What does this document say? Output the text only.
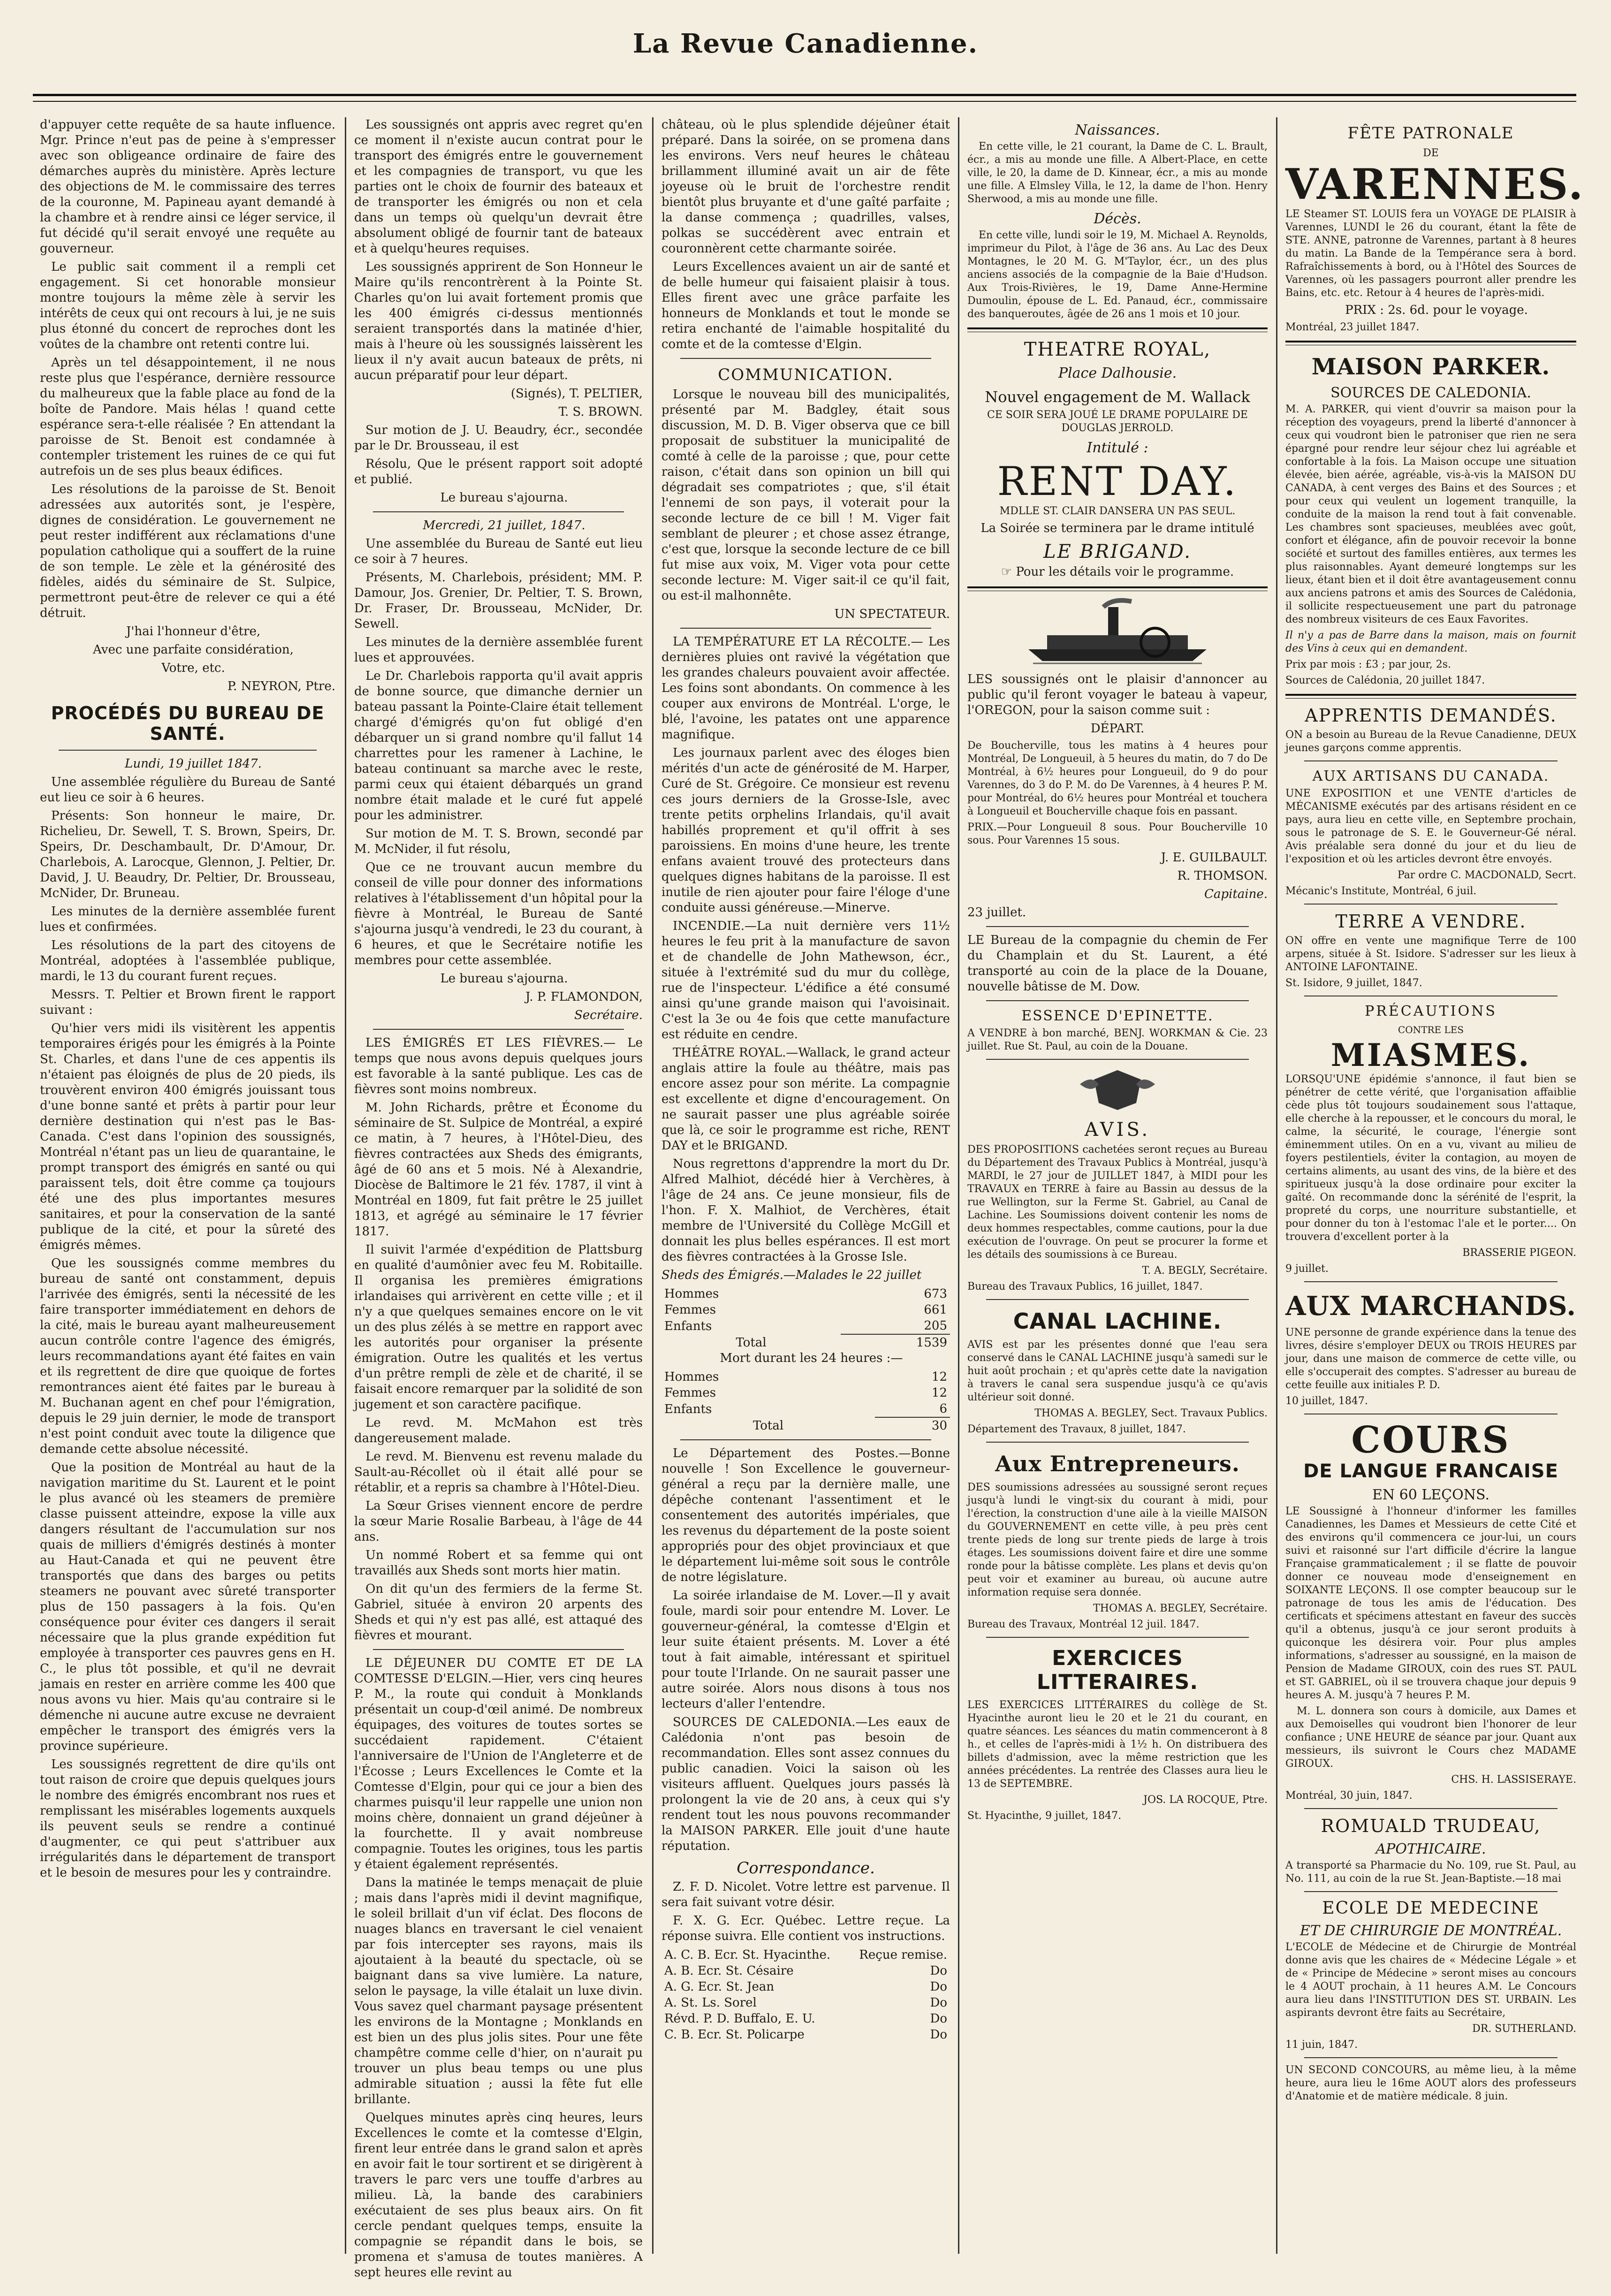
La Revue Canadienne.

d'appuyer cette requête de sa haute influence. Mgr. Prince n'eut pas de peine à s'empresser avec son obligeance ordinaire de faire des démarches auprès du ministère. Après lecture des objections de M. le commissaire des terres de la couronne, M. Papineau ayant demandé à la chambre et à rendre ainsi ce léger service, il fut décidé qu'il serait envoyé une requête au gouverneur.

Le public sait comment il a rempli cet engagement. Si cet honorable monsieur montre toujours la même zèle à servir les intérêts de ceux qui ont recours à lui, je ne suis plus étonné du concert de reproches dont les voûtes de la chambre ont retenti contre lui.

Après un tel désappointement, il ne nous reste plus que l'espérance, dernière ressource du malheureux que la fable place au fond de la boîte de Pandore. Mais hélas ! quand cette espérance sera-t-elle réalisée ? En attendant la paroisse de St. Benoit est condamnée à contempler tristement les ruines de ce qui fut autrefois un de ses plus beaux édifices.

Les résolutions de la paroisse de St. Benoit adressées aux autorités sont, je l'espère, dignes de considération. Le gouvernement ne peut rester indifférent aux réclamations d'une population catholique qui a souffert de la ruine de son temple. Le zèle et la générosité des fidèles, aidés du séminaire de St. Sulpice, permettront peut-être de relever ce qui a été détruit.

J'hai l'honneur d'être,

Avec une parfaite considération,

Votre, etc.

P. NEYRON, Ptre.

PROCÉDÉS DU BUREAU DE SANTÉ.

Lundi, 19 juillet 1847.

Une assemblée régulière du Bureau de Santé eut lieu ce soir à 6 heures.

Présents: Son honneur le maire, Dr. Richelieu, Dr. Sewell, T. S. Brown, Speirs, Dr. Speirs, Dr. Deschambault, Dr. D'Amour, Dr. Charlebois, A. Larocque, Glennon, J. Peltier, Dr. David, J. U. Beaudry, Dr. Peltier, Dr. Brousseau, McNider, Dr. Bruneau.

Les minutes de la dernière assemblée furent lues et confirmées.

Les résolutions de la part des citoyens de Montréal, adoptées à l'assemblée publique, mardi, le 13 du courant furent reçues.

Messrs. T. Peltier et Brown firent le rapport suivant :

Qu'hier vers midi ils visitèrent les appentis temporaires érigés pour les émigrés à la Pointe St. Charles, et dans l'une de ces appentis ils n'étaient pas éloignés de plus de 20 pieds, ils trouvèrent environ 400 émigrés jouissant tous d'une bonne santé et prêts à partir pour leur dernière destination qui n'est pas le Bas-Canada. C'est dans l'opinion des soussignés, Montréal n'étant pas un lieu de quarantaine, le prompt transport des émigrés en santé ou qui paraissent tels, doit être comme ça toujours été une des plus importantes mesures sanitaires, et pour la conservation de la santé publique de la cité, et pour la sûreté des émigrés mêmes.

Que les soussignés comme membres du bureau de santé ont constamment, depuis l'arrivée des émigrés, senti la nécessité de les faire transporter immédiatement en dehors de la cité, mais le bureau ayant malheureusement aucun contrôle contre l'agence des émigrés, leurs recommandations ayant été faites en vain et ils regrettent de dire que quoique de fortes remontrances aient été faites par le bureau à M. Buchanan agent en chef pour l'émigration, depuis le 29 juin dernier, le mode de transport n'est point conduit avec toute la diligence que demande cette absolue nécessité.

Que la position de Montréal au haut de la navigation maritime du St. Laurent et le point le plus avancé où les steamers de première classe puissent atteindre, expose la ville aux dangers résultant de l'accumulation sur nos quais de milliers d'émigrés destinés à monter au Haut-Canada et qui ne peuvent être transportés que dans des barges ou petits steamers ne pouvant avec sûreté transporter plus de 150 passagers à la fois. Qu'en conséquence pour éviter ces dangers il serait nécessaire que la plus grande expédition fut employée à transporter ces pauvres gens en H. C., le plus tôt possible, et qu'il ne devrait jamais en rester en arrière comme les 400 que nous avons vu hier. Mais qu'au contraire si le démenche ni aucune autre excuse ne devraient empêcher le transport des émigrés vers la province supérieure.

Les soussignés regrettent de dire qu'ils ont tout raison de croire que depuis quelques jours le nombre des émigrés encombrant nos rues et remplissant les misérables logements auxquels ils peuvent seuls se rendre a continué d'augmenter, ce qui peut s'attribuer aux irrégularités dans le département de transport et le besoin de mesures pour les y contraindre.

Les soussignés ont appris avec regret qu'en ce moment il n'existe aucun contrat pour le transport des émigrés entre le gouvernement et les compagnies de transport, vu que les parties ont le choix de fournir des bateaux et de transporter les émigrés ou non et cela dans un temps où quelqu'un devrait être absolument obligé de fournir tant de bateaux et à quelqu'heures requises.

Les soussignés apprirent de Son Honneur le Maire qu'ils rencontrèrent à la Pointe St. Charles qu'on lui avait fortement promis que les 400 émigrés ci-dessus mentionnés seraient transportés dans la matinée d'hier, mais à l'heure où les soussignés laissèrent les lieux il n'y avait aucun bateaux de prêts, ni aucun préparatif pour leur départ.

(Signés), T. PELTIER,

T. S. BROWN.

Sur motion de J. U. Beaudry, écr., secondée par le Dr. Brousseau, il est

Résolu, Que le présent rapport soit adopté et publié.

Le bureau s'ajourna.

Mercredi, 21 juillet, 1847.

Une assemblée du Bureau de Santé eut lieu ce soir à 7 heures.

Présents, M. Charlebois, président; MM. P. Damour, Jos. Grenier, Dr. Peltier, T. S. Brown, Dr. Fraser, Dr. Brousseau, McNider, Dr. Sewell.

Les minutes de la dernière assemblée furent lues et approuvées.

Le Dr. Charlebois rapporta qu'il avait appris de bonne source, que dimanche dernier un bateau passant la Pointe-Claire était tellement chargé d'émigrés qu'on fut obligé d'en débarquer un si grand nombre qu'il fallut 14 charrettes pour les ramener à Lachine, le bateau continuant sa marche avec le reste, parmi ceux qui étaient débarqués un grand nombre était malade et le curé fut appelé pour les administrer.

Sur motion de M. T. S. Brown, secondé par M. McNider, il fut résolu,

Que ce ne trouvant aucun membre du conseil de ville pour donner des informations relatives à l'établissement d'un hôpital pour la fièvre à Montréal, le Bureau de Santé s'ajourna jusqu'à vendredi, le 23 du courant, à 6 heures, et que le Secrétaire notifie les membres pour cette assemblée.

Le bureau s'ajourna.

J. P. FLAMONDON,

Secrétaire.

LES ÉMIGRÉS ET LES FIÈVRES.— Le temps que nous avons depuis quelques jours est favorable à la santé publique. Les cas de fièvres sont moins nombreux.

M. John Richards, prêtre et Économe du séminaire de St. Sulpice de Montréal, a expiré ce matin, à 7 heures, à l'Hôtel-Dieu, des fièvres contractées aux Sheds des émigrants, âgé de 60 ans et 5 mois. Né à Alexandrie, Diocèse de Baltimore le 21 fév. 1787, il vint à Montréal en 1809, fut fait prêtre le 25 juillet 1813, et agrégé au séminaire le 17 février 1817.

Il suivit l'armée d'expédition de Plattsburg en qualité d'aumônier avec feu M. Robitaille. Il organisa les premières émigrations irlandaises qui arrivèrent en cette ville ; et il n'y a que quelques semaines encore on le vit un des plus zélés à se mettre en rapport avec les autorités pour organiser la présente émigration. Outre les qualités et les vertus d'un prêtre rempli de zèle et de charité, il se faisait encore remarquer par la solidité de son jugement et son caractère pacifique.

Le revd. M. McMahon est très dangereusement malade.

Le revd. M. Bienvenu est revenu malade du Sault-au-Récollet où il était allé pour se rétablir, et a repris sa chambre à l'Hôtel-Dieu.

La Sœur Grises viennent encore de perdre la sœur Marie Rosalie Barbeau, à l'âge de 44 ans.

Un nommé Robert et sa femme qui ont travaillés aux Sheds sont morts hier matin.

On dit qu'un des fermiers de la ferme St. Gabriel, située à environ 20 arpents des Sheds et qui n'y est pas allé, est attaqué des fièvres et mourant.

LE DÉJEUNER DU COMTE ET DE LA COMTESSE D'ELGIN.—Hier, vers cinq heures P. M., la route qui conduit à Monklands présentait un coup-d'œil animé. De nombreux équipages, des voitures de toutes sortes se succédaient rapidement. C'étaient l'anniversaire de l'Union de l'Angleterre et de l'Écosse ; Leurs Excellences le Comte et la Comtesse d'Elgin, pour qui ce jour a bien des charmes puisqu'il leur rappelle une union non moins chère, donnaient un grand déjeûner à la fourchette. Il y avait nombreuse compagnie. Toutes les origines, tous les partis y étaient également représentés.

Dans la matinée le temps menaçait de pluie ; mais dans l'après midi il devint magnifique, le soleil brillait d'un vif éclat. Des flocons de nuages blancs en traversant le ciel venaient par fois intercepter ses rayons, mais ils ajoutaient à la beauté du spectacle, où se baignant dans sa vive lumière. La nature, selon le paysage, la ville étalait un luxe divin. Vous savez quel charmant paysage présentent les environs de la Montagne ; Monklands en est bien un des plus jolis sites. Pour une fête champêtre comme celle d'hier, on n'aurait pu trouver un plus beau temps ou une plus admirable situation ; aussi la fête fut elle brillante.

Quelques minutes après cinq heures, leurs Excellences le comte et la comtesse d'Elgin, firent leur entrée dans le grand salon et après en avoir fait le tour sortirent et se dirigèrent à travers le parc vers une touffe d'arbres au milieu. Là, la bande des carabiniers exécutaient de ses plus beaux airs. On fit cercle pendant quelques temps, ensuite la compagnie se répandit dans le bois, se promena et s'amusa de toutes manières. A sept heures elle revint au

château, où le plus splendide déjeûner était préparé. Dans la soirée, on se promena dans les environs. Vers neuf heures le château brillamment illuminé avait un air de fête joyeuse où le bruit de l'orchestre rendit bientôt plus bruyante et d'une gaîté parfaite ; la danse commença ; quadrilles, valses, polkas se succédèrent avec entrain et couronnèrent cette charmante soirée.

Leurs Excellences avaient un air de santé et de belle humeur qui faisaient plaisir à tous. Elles firent avec une grâce parfaite les honneurs de Monklands et tout le monde se retira enchanté de l'aimable hospitalité du comte et de la comtesse d'Elgin.

COMMUNICATION.

Lorsque le nouveau bill des municipalités, présenté par M. Badgley, était sous discussion, M. D. B. Viger observa que ce bill proposait de substituer la municipalité de comté à celle de la paroisse ; que, pour cette raison, c'était dans son opinion un bill qui dégradait ses compatriotes ; que, s'il était l'ennemi de son pays, il voterait pour la seconde lecture de ce bill ! M. Viger fait semblant de pleurer ; et chose assez étrange, c'est que, lorsque la seconde lecture de ce bill fut mise aux voix, M. Viger vota pour cette seconde lecture: M. Viger sait-il ce qu'il fait, ou est-il malhonnête.

UN SPECTATEUR.

LA TEMPÉRATURE ET LA RÉCOLTE.— Les dernières pluies ont ravivé la végétation que les grandes chaleurs pouvaient avoir affectée. Les foins sont abondants. On commence à les couper aux environs de Montréal. L'orge, le blé, l'avoine, les patates ont une apparence magnifique.

Les journaux parlent avec des éloges bien mérités d'un acte de générosité de M. Harper, Curé de St. Grégoire. Ce monsieur est revenu ces jours derniers de la Grosse-Isle, avec trente petits orphelins Irlandais, qu'il avait habillés proprement et qu'il offrit à ses paroissiens. En moins d'une heure, les trente enfans avaient trouvé des protecteurs dans quelques dignes habitans de la paroisse. Il est inutile de rien ajouter pour faire l'éloge d'une conduite aussi généreuse.—Minerve.

INCENDIE.—La nuit dernière vers 11½ heures le feu prit à la manufacture de savon et de chandelle de John Mathewson, écr., située à l'extrémité sud du mur du collège, rue de l'inspecteur. L'édifice a été consumé ainsi qu'une grande maison qui l'avoisinait. C'est la 3e ou 4e fois que cette manufacture est réduite en cendre.

THÉÂTRE ROYAL.—Wallack, le grand acteur anglais attire la foule au théâtre, mais pas encore assez pour son mérite. La compagnie est excellente et digne d'encouragement. On ne saurait passer une plus agréable soirée que là, ce soir le programme est riche, RENT DAY et le BRIGAND.

Nous regrettons d'apprendre la mort du Dr. Alfred Malhiot, décédé hier à Verchères, à l'âge de 24 ans. Ce jeune monsieur, fils de l'hon. F. X. Malhiot, de Verchères, était membre de l'Université du Collège McGill et donnait les plus belles espérances. Il est mort des fièvres contractées à la Grosse Isle.

Sheds des Émigrés.—Malades le 22 juillet

Hommes	673
Femmes	661
Enfants	205
Total	1539

Mort durant les 24 heures :—

Hommes	12
Femmes	12
Enfants	6
Total	30

Le Département des Postes.—Bonne nouvelle ! Son Excellence le gouverneur-général a reçu par la dernière malle, une dépêche contenant l'assentiment et le consentement des autorités impériales, que les revenus du département de la poste soient appropriés pour des objet provinciaux et que le département lui-même soit sous le contrôle de notre législature.

La soirée irlandaise de M. Lover.—Il y avait foule, mardi soir pour entendre M. Lover. Le gouverneur-général, la comtesse d'Elgin et leur suite étaient présents. M. Lover a été tout à fait aimable, intéressant et spirituel pour toute l'Irlande. On ne saurait passer une autre soirée. Alors nous disons à tous nos lecteurs d'aller l'entendre.

SOURCES DE CALEDONIA.—Les eaux de Calédonia n'ont pas besoin de recommandation. Elles sont assez connues du public canadien. Voici la saison où les visiteurs affluent. Quelques jours passés là prolongent la vie de 20 ans, à ceux qui s'y rendent tout les nous pouvons recommander la MAISON PARKER. Elle jouit d'une haute réputation.

Correspondance.

Z. F. D. Nicolet. Votre lettre est parvenue. Il sera fait suivant votre désir.

F. X. G. Ecr. Québec. Lettre reçue. La réponse suivra. Elle contient vos instructions.

A. C. B. Ecr. St. Hyacinthe.	Reçue remise.
A. B. Ecr. St. Césaire	Do
A. G. Ecr. St. Jean	Do
A. St. Ls. Sorel	Do
Révd. P. D. Buffalo, E. U.	Do
C. B. Ecr. St. Policarpe	Do
Naissances.

En cette ville, le 21 courant, la Dame de C. L. Brault, écr., a mis au monde une fille. A Albert-Place, en cette ville, le 20, la dame de D. Kinnear, écr., a mis au monde une fille. A Elmsley Villa, le 12, la dame de l'hon. Henry Sherwood, a mis au monde une fille.

Décès.

En cette ville, lundi soir le 19, M. Michael A. Reynolds, imprimeur du Pilot, à l'âge de 36 ans. Au Lac des Deux Montagnes, le 20 M. G. M'Taylor, écr., un des plus anciens associés de la compagnie de la Baie d'Hudson. Aux Trois-Rivières, le 19, Dame Anne-Hermine Dumoulin, épouse de L. Ed. Panaud, écr., commissaire des banqueroutes, âgée de 26 ans 1 mois et 10 jour.

THEATRE ROYAL,
Place Dalhousie.
Nouvel engagement de M. Wallack

CE SOIR SERA JOUÉ LE DRAME POPULAIRE DE DOUGLAS JERROLD.

Intitulé :
RENT DAY.

MDLLE ST. CLAIR DANSERA UN PAS SEUL.

La Soirée se terminera par le drame intitulé

LE BRIGAND.

☞ Pour les détails voir le programme.

LES soussignés ont le plaisir d'annoncer au public qu'il feront voyager le bateau à vapeur, l'OREGON, pour la saison comme suit :

DÉPART.

De Boucherville, tous les matins à 4 heures pour Montréal, De Longueuil, à 5 heures du matin, do 7 do De Montréal, à 6½ heures pour Longueuil, do 9 do pour Varennes, do 3 do P. M. do De Varennes, à 4 heures P. M. pour Montréal, do 6½ heures pour Montréal et touchera à Longueuil et Boucherville chaque fois en passant.

PRIX.—Pour Longueuil 8 sous. Pour Boucherville 10 sous. Pour Varennes 15 sous.

J. E. GUILBAULT.

R. THOMSON.

Capitaine.

23 juillet.

LE Bureau de la compagnie du chemin de Fer du Champlain et du St. Laurent, a été transporté au coin de la place de la Douane, nouvelle bâtisse de M. Dow.

ESSENCE D'EPINETTE.

A VENDRE à bon marché, BENJ. WORKMAN & Cie. 23 juillet. Rue St. Paul, au coin de la Douane.

AVIS.

DES PROPOSITIONS cachetées seront reçues au Bureau du Département des Travaux Publics à Montréal, jusqu'à MARDI, le 27 jour de JUILLET 1847, à MIDI pour les TRAVAUX en TERRE à faire au Bassin au dessus de la rue Wellington, sur la Ferme St. Gabriel, au Canal de Lachine. Les Soumissions doivent contenir les noms de deux hommes respectables, comme cautions, pour la due exécution de l'ouvrage. On peut se procurer la forme et les détails des soumissions à ce Bureau.

T. A. BEGLY, Secrétaire.

Bureau des Travaux Publics, 16 juillet, 1847.

CANAL LACHINE.

AVIS est par les présentes donné que l'eau sera conservé dans le CANAL LACHINE jusqu'à samedi sur le huit août prochain ; et qu'après cette date la navigation à travers le canal sera suspendue jusqu'à ce qu'avis ultérieur soit donné.

THOMAS A. BEGLEY, Sect. Travaux Publics.

Département des Travaux, 8 juillet, 1847.

Aux Entrepreneurs.

DES soumissions adressées au soussigné seront reçues jusqu'à lundi le vingt-six du courant à midi, pour l'érection, la construction d'une aile à la vieille MAISON du GOUVERNEMENT en cette ville, à peu près cent trente pieds de long sur trente pieds de large à trois étages. Les soumissions doivent faire et dire une somme ronde pour la bâtisse complète. Les plans et devis qu'on peut voir et examiner au bureau, où aucune autre information requise sera donnée.

THOMAS A. BEGLEY, Secrétaire.

Bureau des Travaux, Montréal 12 juil. 1847.

EXERCICES LITTERAIRES.

LES EXERCICES LITTÉRAIRES du collège de St. Hyacinthe auront lieu le 20 et le 21 du courant, en quatre séances. Les séances du matin commenceront à 8 h., et celles de l'après-midi à 1½ h. On distribuera des billets d'admission, avec la même restriction que les années précédentes. La rentrée des Classes aura lieu le 13 de SEPTEMBRE.

JOS. LA ROCQUE, Ptre.

St. Hyacinthe, 9 juillet, 1847.

FÊTE PATRONALE
DE
VARENNES.

LE Steamer ST. LOUIS fera un VOYAGE DE PLAISIR à Varennes, LUNDI le 26 du courant, étant la fête de STE. ANNE, patronne de Varennes, partant à 8 heures du matin. La Bande de la Tempérance sera à bord. Rafraîchissements à bord, ou à l'Hôtel des Sources de Varennes, où les passagers pourront aller prendre les Bains, etc. etc. Retour à 4 heures de l'après-midi.

PRIX : 2s. 6d. pour le voyage.

Montréal, 23 juillet 1847.

MAISON PARKER.
SOURCES DE CALEDONIA.

M. A. PARKER, qui vient d'ouvrir sa maison pour la réception des voyageurs, prend la liberté d'annoncer à ceux qui voudront bien le patroniser que rien ne sera épargné pour rendre leur séjour chez lui agréable et confortable à la fois. La Maison occupe une situation élevée, bien aérée, agréable, vis-à-vis la MAISON DU CANADA, à cent verges des Bains et des Sources ; et pour ceux qui veulent un logement tranquille, la conduite de la maison la rend tout à fait convenable. Les chambres sont spacieuses, meublées avec goût, confort et élégance, afin de pouvoir recevoir la bonne société et surtout des familles entières, aux termes les plus raisonnables. Ayant demeuré longtemps sur les lieux, étant bien et il doit être avantageusement connu aux anciens patrons et amis des Sources de Calédonia, il sollicite respectueusement une part du patronage des nombreux visiteurs de ces Eaux Favorites.

Il n'y a pas de Barre dans la maison, mais on fournit des Vins à ceux qui en demandent.

Prix par mois : £3 ; par jour, 2s.

Sources de Calédonia, 20 juillet 1847.

APPRENTIS DEMANDÉS.

ON a besoin au Bureau de la Revue Canadienne, DEUX jeunes garçons comme apprentis.

AUX ARTISANS DU CANADA.

UNE EXPOSITION et une VENTE d'articles de MÉCANISME exécutés par des artisans résident en ce pays, aura lieu en cette ville, en Septembre prochain, sous le patronage de S. E. le Gouverneur-Gé néral. Avis préalable sera donné du jour et du lieu de l'exposition et où les articles devront être envoyés.

Par ordre C. MACDONALD, Secrt.

Mécanic's Institute, Montréal, 6 juil.

TERRE A VENDRE.

ON offre en vente une magnifique Terre de 100 arpens, située à St. Isidore. S'adresser sur les lieux à ANTOINE LAFONTAINE.

St. Isidore, 9 juillet, 1847.

PRÉCAUTIONS
CONTRE LES
MIASMES.

LORSQU'UNE épidémie s'annonce, il faut bien se pénétrer de cette vérité, que l'organisation affaiblie cède plus tôt toujours soudainement sous l'attaque, elle cherche à la repousser, et le concours du moral, le calme, la sécurité, le courage, l'énergie sont éminemment utiles. On en a vu, vivant au milieu de foyers pestilentiels, éviter la contagion, au moyen de certains aliments, au usant des vins, de la bière et des spiritueux jusqu'à la dose ordinaire pour exciter la gaîté. On recommande donc la sérénité de l'esprit, la propreté du corps, une nourriture substantielle, et pour donner du ton à l'estomac l'ale et le porter.... On trouvera d'excellent porter à la

BRASSERIE PIGEON.

9 juillet.

AUX MARCHANDS.

UNE personne de grande expérience dans la tenue des livres, désire s'employer DEUX ou TROIS HEURES par jour, dans une maison de commerce de cette ville, ou elle s'occuperait des comptes. S'adresser au bureau de cette feuille aux initiales P. D.

10 juillet, 1847.

COURS
DE LANGUE FRANCAISE
EN 60 LEÇONS.

LE Soussigné à l'honneur d'informer les familles Canadiennes, les Dames et Messieurs de cette Cité et des environs qu'il commencera ce jour-lui, un cours suivi et raisonné sur l'art difficile d'écrire la langue Française grammaticalement ; il se flatte de pouvoir donner ce nouveau mode d'enseignement en SOIXANTE LEÇONS. Il ose compter beaucoup sur le patronage de tous les amis de l'éducation. Des certificats et spécimens attestant en faveur des succès qu'il a obtenus, jusqu'à ce jour seront produits à quiconque les désirera voir. Pour plus amples informations, s'adresser au soussigné, en la maison de Pension de Madame GIROUX, coin des rues ST. PAUL et ST. GABRIEL, où il se trouvera chaque jour depuis 9 heures A. M. jusqu'à 7 heures P. M.

M. L. donnera son cours à domicile, aux Dames et aux Demoiselles qui voudront bien l'honorer de leur confiance ; UNE HEURE de séance par jour. Quant aux messieurs, ils suivront le Cours chez MADAME GIROUX.

CHS. H. LASSISERAYE.

Montréal, 30 juin, 1847.

ROMUALD TRUDEAU,
APOTHICAIRE.

A transporté sa Pharmacie du No. 109, rue St. Paul, au No. 111, au coin de la rue St. Jean-Baptiste.—18 mai

ECOLE DE MEDECINE
ET DE CHIRURGIE DE MONTRÉAL.

L'ECOLE de Médecine et de Chirurgie de Montréal donne avis que les chaires de « Médecine Légale » et de « Principe de Médecine » seront mises au concours le 4 AOUT prochain, à 11 heures A.M. Le Concours aura lieu dans l'INSTITUTION DES ST. URBAIN. Les aspirants devront être faits au Secrétaire,

DR. SUTHERLAND.

11 juin, 1847.

UN SECOND CONCOURS, au même lieu, à la même heure, aura lieu le 16me AOUT alors des professeurs d'Anatomie et de matière médicale. 8 juin.
